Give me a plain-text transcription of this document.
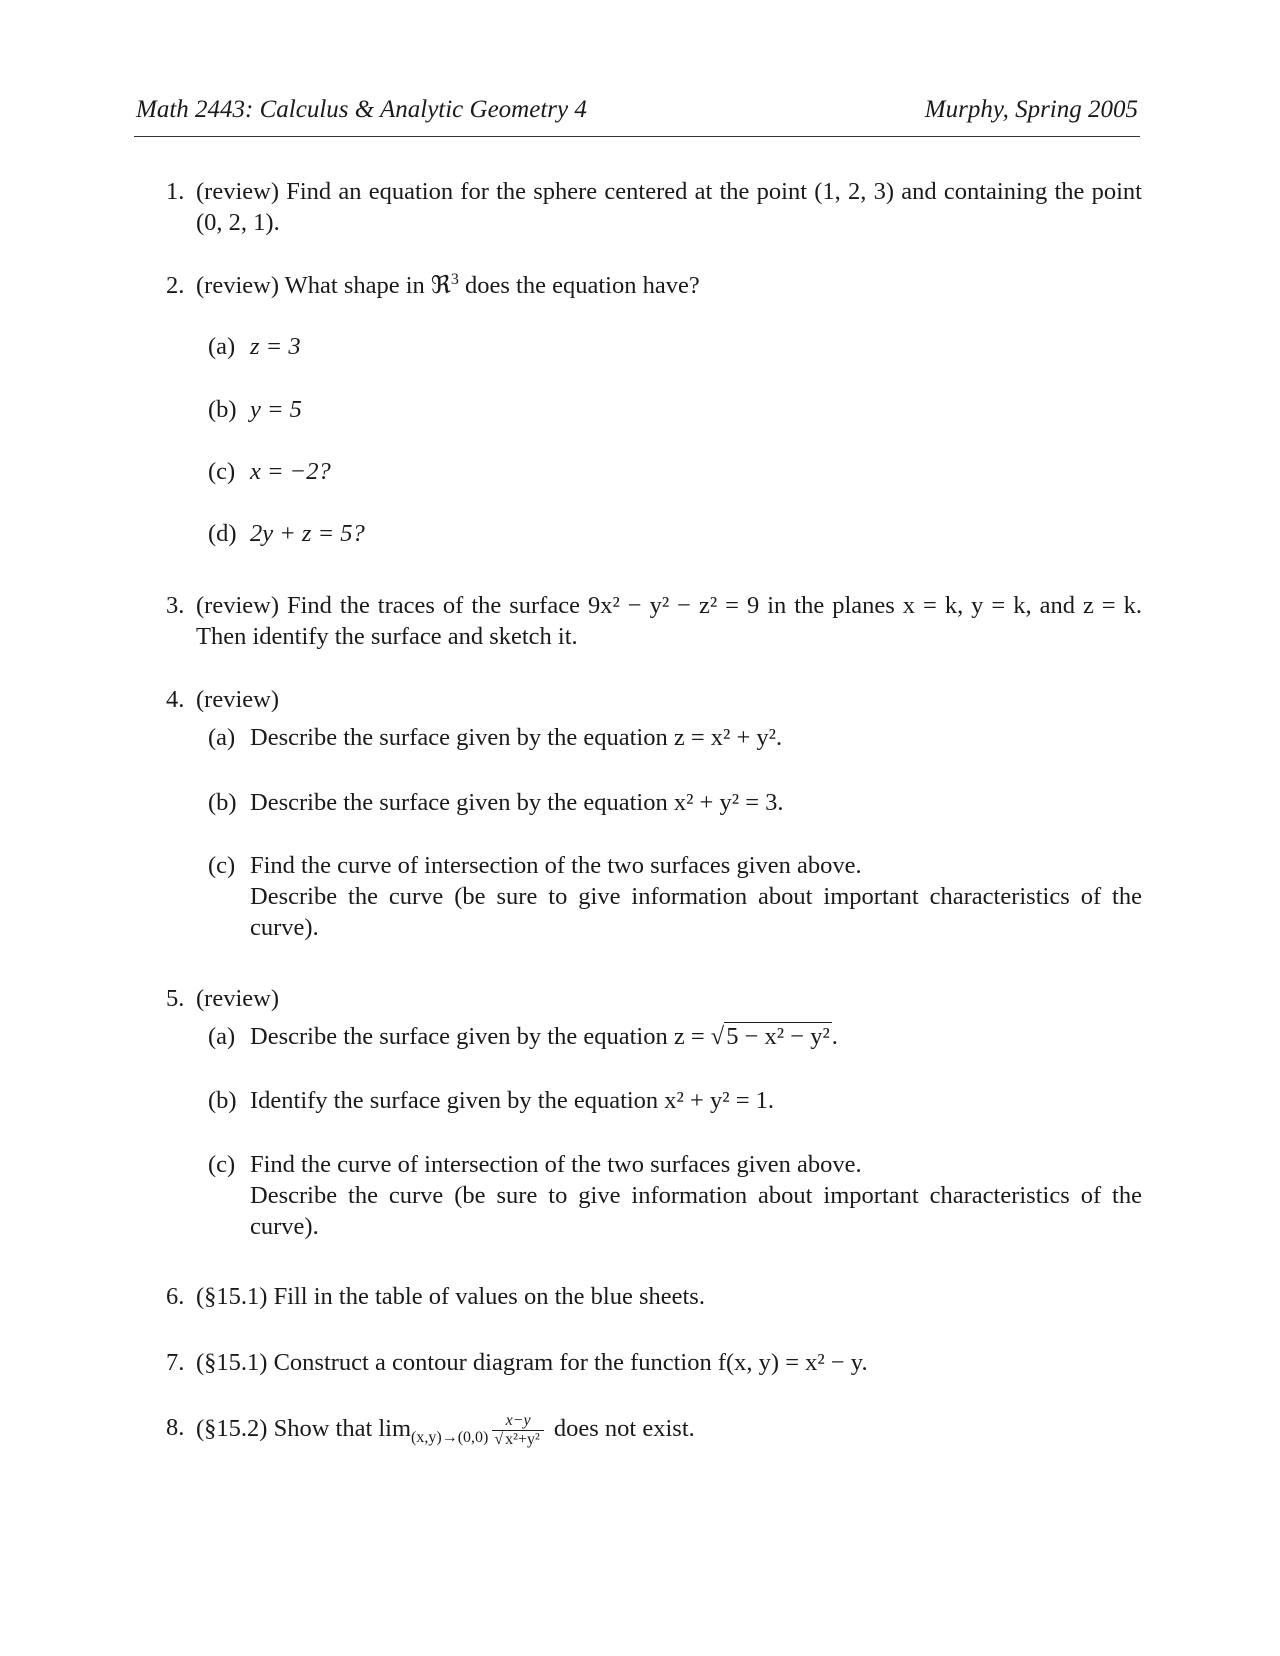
Math 2443: Calculus & Analytic Geometry 4	Murphy, Spring 2005
1. (review) Find an equation for the sphere centered at the point (1, 2, 3) and containing the point (0, 2, 1).
2. (review) What shape in ℜ$^3$ does the equation have?
(a) z = 3
(b) y = 5
(c) x = −2?
(d) 2y + z = 5?
3. (review) Find the traces of the surface 9x² − y² − z² = 9 in the planes x = k, y = k, and z = k. Then identify the surface and sketch it.
4. (review)
(a) Describe the surface given by the equation z = x² + y².
(b) Describe the surface given by the equation x² + y² = 3.
(c) Find the curve of intersection of the two surfaces given above.
Describe the curve (be sure to give information about important characteristics of the curve).
5. (review)
(a) Describe the surface given by the equation z = √5 − x² − y².
(b) Identify the surface given by the equation x² + y² = 1.
(c) Find the curve of intersection of the two surfaces given above.
Describe the curve (be sure to give information about important characteristics of the curve).
6. (§15.1) Fill in the table of values on the blue sheets.
7. (§15.1) Construct a contour diagram for the function f(x, y) = x² − y.
8. (§15.2) Show that $\lim_{(x,y)\to(0,0)} \frac{x-y}{\text{√ x²+y²}}$ does not exist.
